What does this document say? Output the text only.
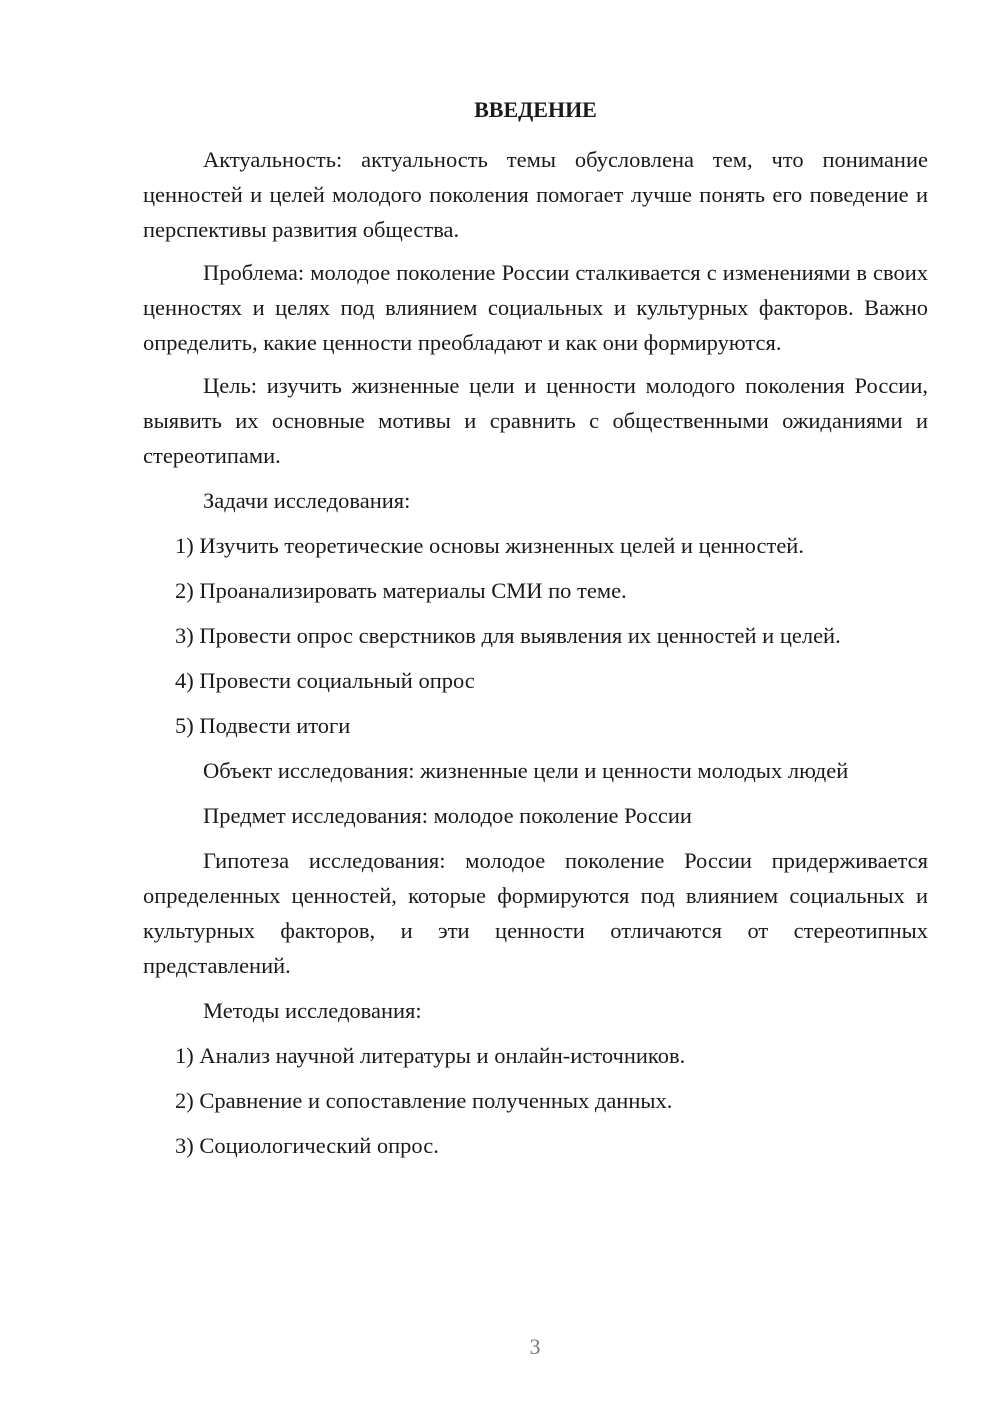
ВВЕДЕНИЕ

Актуальность: актуальность темы обусловлена тем, что понимание ценностей и целей молодого поколения помогает лучше понять его поведение и перспективы развития общества.

Проблема: молодое поколение России сталкивается с изменениями в своих ценностях и целях под влиянием социальных и культурных факторов. Важно определить, какие ценности преобладают и как они формируются.

Цель: изучить жизненные цели и ценности молодого поколения России, выявить их основные мотивы и сравнить с общественными ожиданиями и стереотипами.

Задачи исследования:

1) Изучить теоретические основы жизненных целей и ценностей.
2) Проанализировать материалы СМИ по теме.
3) Провести опрос сверстников для выявления их ценностей и целей.
4) Провести социальный опрос
5) Подвести итоги

Объект исследования: жизненные цели и ценности молодых людей

Предмет исследования: молодое поколение России

Гипотеза исследования: молодое поколение России придерживается определенных ценностей, которые формируются под влиянием социальных и культурных факторов, и эти ценности отличаются от стереотипных представлений.

Методы исследования:

1) Анализ научной литературы и онлайн-источников.
2) Сравнение и сопоставление полученных данных.
3) Социологический опрос.
3
